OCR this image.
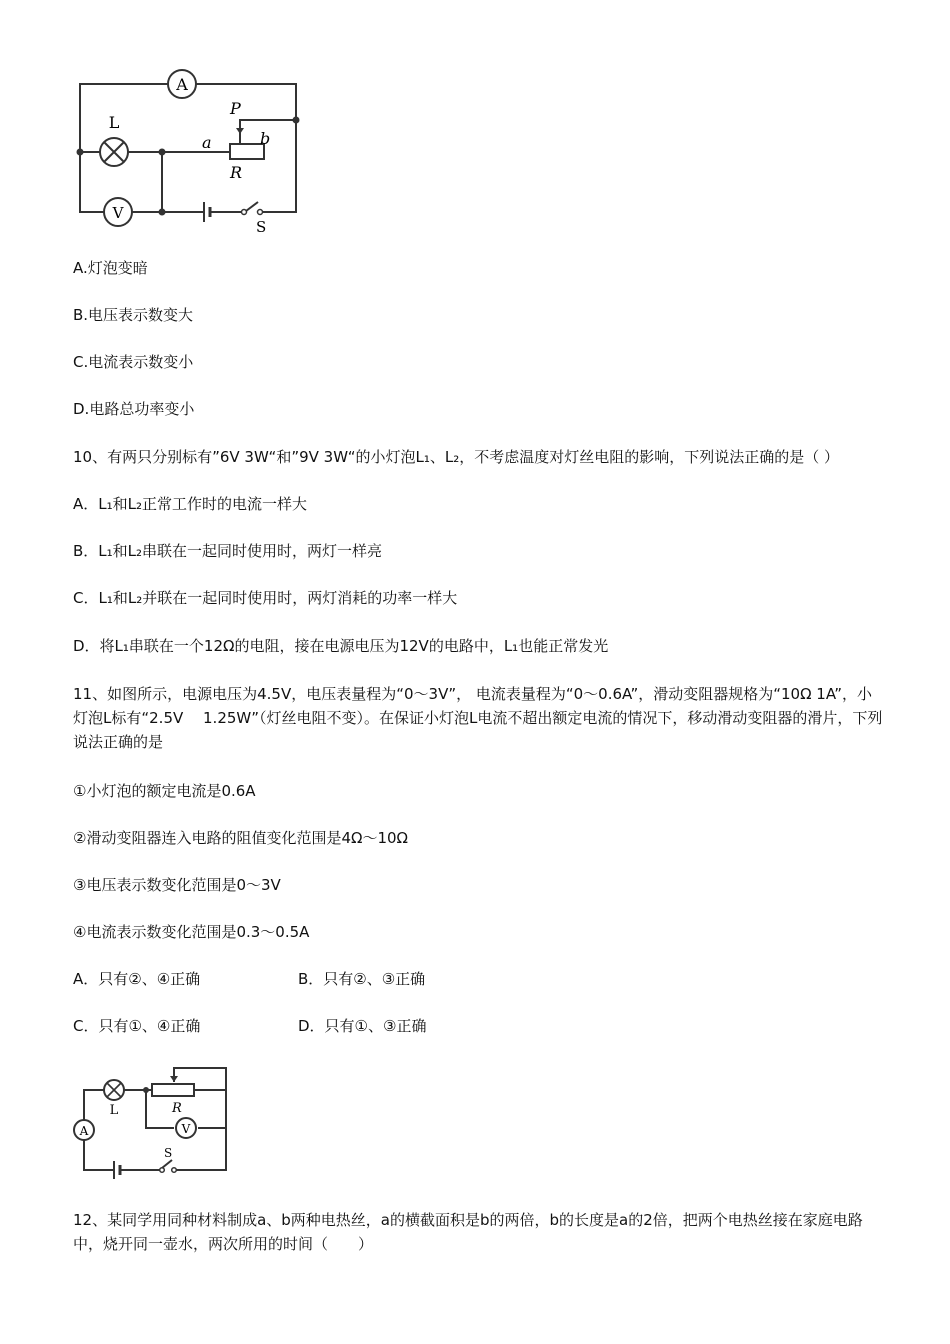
A
L
V
P
a	b
R
S
A.灯泡变暗
B.电压表示数变大
C.电流表示数变小
D.电路总功率变小
10、有两只分别标有”6V 3W“和”9V 3W“的小灯泡L₁、L₂，不考虑温度对灯丝电阻的影响，下列说法正确的是（ ）
A．L₁和L₂正常工作时的电流一样大
B．L₁和L₂串联在一起同时使用时，两灯一样亮
C．L₁和L₂并联在一起同时使用时，两灯消耗的功率一样大
D．将L₁串联在一个12Ω的电阻，接在电源电压为12V的电路中，L₁也能正常发光
11、如图所示，电源电压为4.5V，电压表量程为“0～3V”， 电流表量程为“0～0.6A”，滑动变阻器规格为“10Ω 1A”，小灯泡L标有“2.5V　 1.25W”（灯丝电阻不变）。在保证小灯泡L电流不超出额定电流的情况下，移动滑动变阻器的滑片，下列说法正确的是
①小灯泡的额定电流是0.6A
②滑动变阻器连入电路的阻值变化范围是4Ω～10Ω
③电压表示数变化范围是0～3V
④电流表示数变化范围是0.3～0.5A
A．只有②、④正确	B．只有②、③正确
C．只有①、④正确	D．只有①、③正确
L	R
A	V
S
12、某同学用同种材料制成a、b两种电热丝，a的横截面积是b的两倍，b的长度是a的2倍，把两个电热丝接在家庭电路中，烧开同一壶水，两次所用的时间（　　）
